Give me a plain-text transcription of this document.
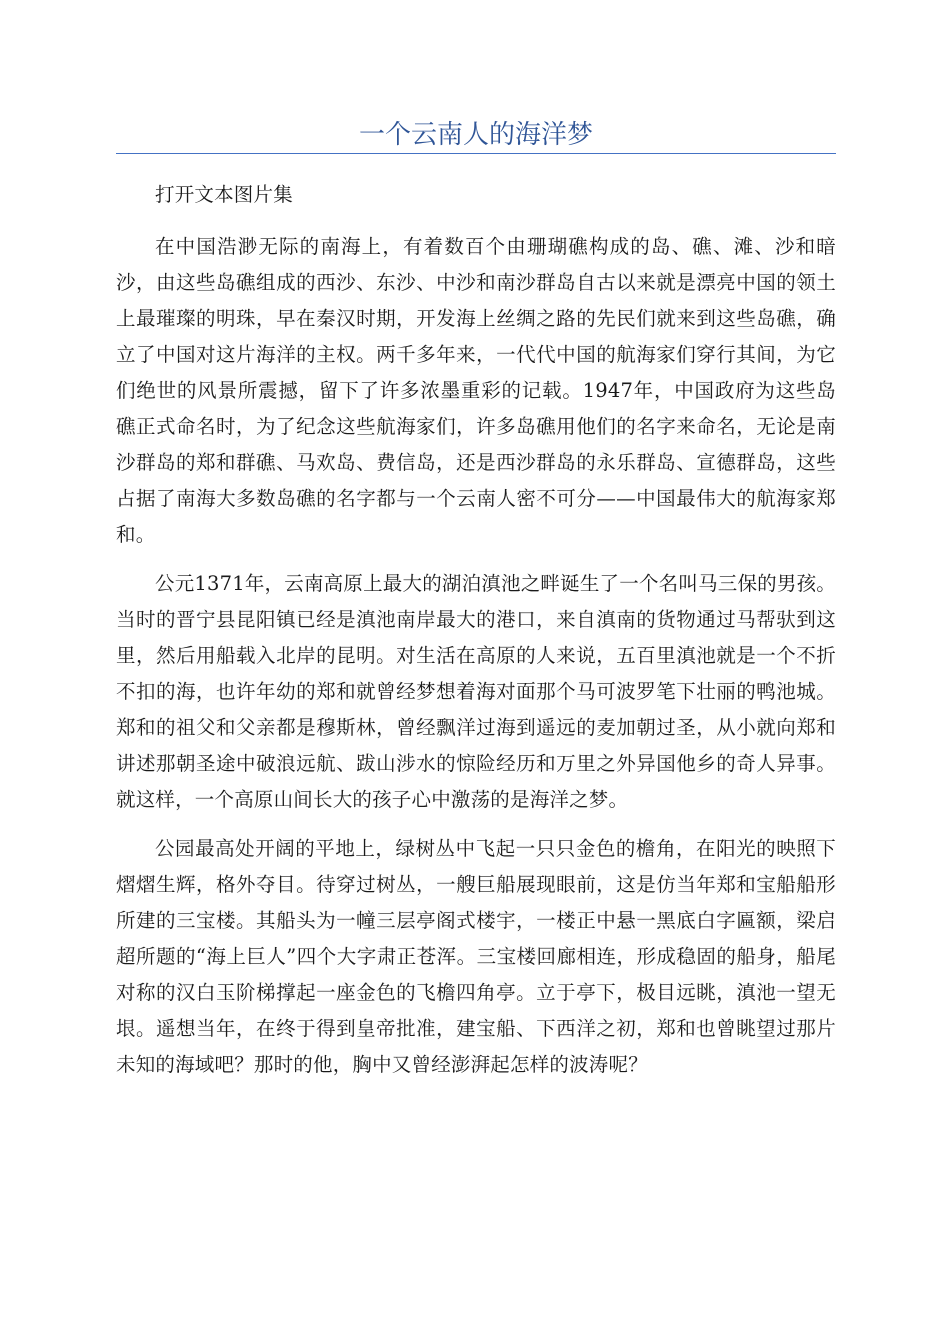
一个云南人的海洋梦

打开文本图片集

在中国浩渺无际的南海上，有着数百个由珊瑚礁构成的岛、礁、滩、沙和暗沙，由这些岛礁组成的西沙、东沙、中沙和南沙群岛自古以来就是漂亮中国的领土上最璀璨的明珠，早在秦汉时期，开发海上丝绸之路的先民们就来到这些岛礁，确立了中国对这片海洋的主权。两千多年来，一代代中国的航海家们穿行其间，为它们绝世的风景所震撼，留下了许多浓墨重彩的记载。1947年，中国政府为这些岛礁正式命名时，为了纪念这些航海家们，许多岛礁用他们的名字来命名，无论是南沙群岛的郑和群礁、马欢岛、费信岛，还是西沙群岛的永乐群岛、宣德群岛，这些占据了南海大多数岛礁的名字都与一个云南人密不可分——中国最伟大的航海家郑和。

公元1371年，云南高原上最大的湖泊滇池之畔诞生了一个名叫马三保的男孩。当时的晋宁县昆阳镇已经是滇池南岸最大的港口，来自滇南的货物通过马帮驮到这里，然后用船载入北岸的昆明。对生活在高原的人来说，五百里滇池就是一个不折不扣的海，也许年幼的郑和就曾经梦想着海对面那个马可波罗笔下壮丽的鸭池城。郑和的祖父和父亲都是穆斯林，曾经飘洋过海到遥远的麦加朝过圣，从小就向郑和讲述那朝圣途中破浪远航、跋山涉水的惊险经历和万里之外异国他乡的奇人异事。就这样，一个高原山间长大的孩子心中激荡的是海洋之梦。

公园最高处开阔的平地上，绿树丛中飞起一只只金色的檐角，在阳光的映照下熠熠生辉，格外夺目。待穿过树丛，一艘巨船展现眼前，这是仿当年郑和宝船船形所建的三宝楼。其船头为一幢三层亭阁式楼宇，一楼正中悬一黑底白字匾额，梁启超所题的“海上巨人”四个大字肃正苍浑。三宝楼回廊相连，形成稳固的船身，船尾对称的汉白玉阶梯撑起一座金色的飞檐四角亭。立于亭下，极目远眺，滇池一望无垠。遥想当年，在终于得到皇帝批准，建宝船、下西洋之初，郑和也曾眺望过那片未知的海域吧？那时的他，胸中又曾经澎湃起怎样的波涛呢？
